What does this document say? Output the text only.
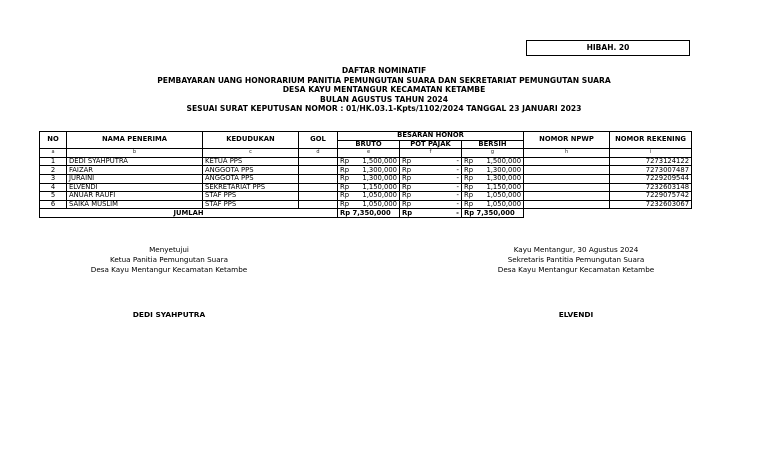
HIBAH. 20
DAFTAR NOMINATIF
PEMBAYARAN UANG HONORARIUM PANITIA PEMUNGUTAN SUARA DAN SEKRETARIAT PEMUNGUTAN SUARA
DESA KAYU MENTANGUR KECAMATAN KETAMBE
BULAN AGUSTUS TAHUN 2024
SESUAI SURAT KEPUTUSAN NOMOR : 01/HK.03.1-Kpts/1102/2024 TANGGAL 23 JANUARI 2023
NO	NAMA PENERIMA	KEDUDUKAN	GOL	BESARAN HONOR			NOMOR NPWP	NOMOR REKENING
				BRUTO	POT PAJAK	BERSIH		
a	b	c	d	e	f	g	h	i
1	DEDI SYAHPUTRA	KETUA PPS		Rp 1,500,000	Rp -	Rp 1,500,000		7273124122
2	FAIZAR	ANGGOTA PPS		Rp 1,300,000	Rp -	Rp 1,300,000		7273007487
3	JURAINI	ANGGOTA PPS		Rp 1,300,000	Rp -	Rp 1,300,000		7229209544
4	ELVENDI	SEKRETARIAT PPS		Rp 1,150,000	Rp -	Rp 1,150,000		7232603148
5	ANUAR RAUFI	STAF PPS		Rp 1,050,000	Rp -	Rp 1,050,000		7229075742
6	SAIKA MUSLIM	STAF PPS		Rp 1,050,000	Rp -	Rp 1,050,000		7232603067
JUMLAH				Rp 7,350,000	Rp -	Rp 7,350,000		
Menyetujui
Ketua Panitia Pemungutan Suara
Desa Kayu Mentangur Kecamatan Ketambe
DEDI SYAHPUTRA
Kayu Mentangur, 30 Agustus 2024
Sekretaris Pantitia Pemungutan Suara
Desa Kayu Mentangur Kecamatan Ketambe
ELVENDI
